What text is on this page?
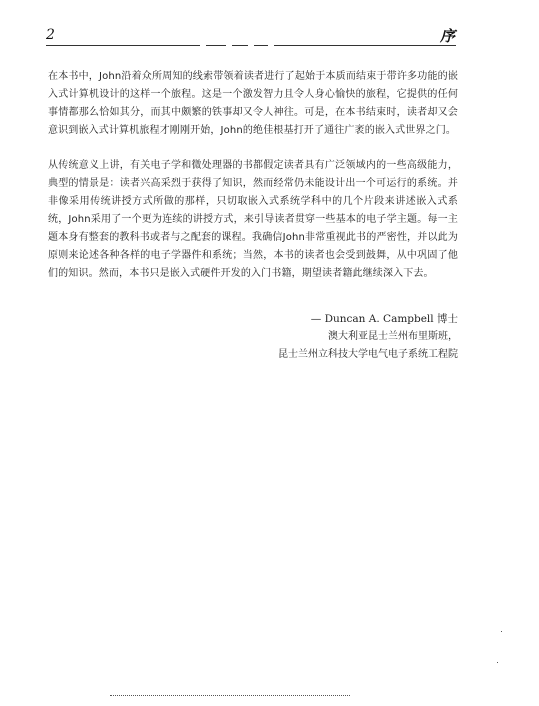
2	序

在本书中，John沿着众所周知的线索带领着读者进行了起始于本质而结束于带许多功能的嵌入式计算机设计的这样一个旅程。这是一个激发智力且令人身心愉快的旅程，它提供的任何事情都那么恰如其分，而其中颇繁的铁事却又令人神往。可是，在本书结束时，读者却又会意识到嵌入式计算机旅程才刚刚开始，John的绝佳根基打开了通往广袤的嵌入式世界之门。

从传统意义上讲，有关电子学和微处理器的书都假定读者具有广泛领域内的一些高级能力，典型的情景是：读者兴高采烈于获得了知识，然而经常仍未能设计出一个可运行的系统。并非像采用传统讲授方式所做的那样，只切取嵌入式系统学科中的几个片段来讲述嵌入式系统，John采用了一个更为连续的讲授方式，来引导读者贯穿一些基本的电子学主题。每一主题本身有整套的教科书或者与之配套的课程。我确信John非常重视此书的严密性，并以此为原则来论述各种各样的电子学器件和系统；当然，本书的读者也会受到鼓舞，从中巩固了他们的知识。然而，本书只是嵌入式硬件开发的入门书籍，期望读者籍此继续深入下去。

— Duncan A. Campbell 博士
澳大利亚昆士兰州布里斯班，
昆士兰州立科技大学电气电子系统工程院
